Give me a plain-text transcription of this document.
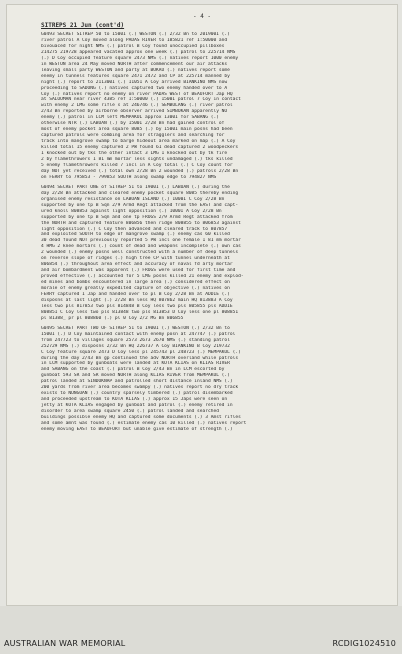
- 4 -
SITREPS 21 Jun (cont'd)
G0493 SECRET SITREP 50 to 1500I (.) WESTON (.) 2/32 Bn to 201900I (.)
river patrol A Coy moved along PADAS RIVER to 185821 ref 1:50000 and
bivouaced for night NMS (.) patrol B Coy found unoccupied pillboxes
214275 219728 appeared vacated approx one week (.) patrol to 225714 NMS
(.) D Coy occupied feature square 2473 NMS (.) natives report 1000 enemy
in WESTON area 24 May moved NORTH after commencement our air attacks
leaving small party WESTON and party at BUKAU (.) natives report some
enemy in tunnels features square 2471 2472 and CP at 225714 manned by
night (.) report to 211300I (.) 11051 A Coy arrived BIANKINO NMS now
proceeding to SADONG (.) natives captured two enemy handed over to A
Coy (.) natives report no enemy on river PADAS WEST of BEAUFORT Jap HQ
at SALOOMAN near river 4385 ref 1:50000 (.) 1500I patrol 7 Coy in contact
with enemy 2 LMG some rifle s at 246746 (.) SEMBULANG (.) river patrol
2/43 Bn reported by airborne observer arrived SIMBOKAN apparently NO
enemy (.) patrol in LCM left MEMPAKUL approx 1300I for SABANG (.)
otherwise NTR (.) LABUAN (.) by 1500I 2/28 Bn had gained control of
most of enemy pocket area square 8085 (.) by 1500I main posns had been
captured patrols were combing area for stragglers and searching for
track into mangrove swamp to barge hideout area marked on map (.) A Coy
killed total 15 enemy captured 2 PW found 61 dead captured 2 woodpeckers
1 knocked out by tks the other intact 3 LMG 1 knocked out by tk fire
2 by flamethrowers 1 81 mm mortar less sights undamaged (.) tks killed
5 enemy flamethrowers killed 7 incl in A Coy total (.) C Coy count for
day NOT yet received (.) total own 2/28 Bn 2 wounded (.) patrols 2/28 Bn
on FERRY to 795853 - 799853 SOUTH along swamp edge to 794827 NMS
G0494 SECRET PART ONE of SITREP 51 to 1900I (.) LABUAN (.) during the
day 2/28 Bn attacked and cleared enemy pocket square 8085 thereby ending
organised enemy resistance on LABUAN ISLAND (.) 1000I C Coy 2/28 Bn
supported by one tp B Sqn 2/9 Armd Regt attacked from the EAST and capt-
ured knoll 808853 against light opposition (.) 1000I A Coy 2/28 Bn
supported by one tp B Sqn and one tp FROGS 2/9 Armd Regt attacked from
the NORTH and captured feature 806856 then ridge 808855 to 806853 against
light opposition (.) C Coy then advanced and cleared track to 807857
and exploited SOUTH to edge of mangrove swamp (.) enemy cas 60 killed
30 dead found NOT previously reported 5 PW incl one female 1 81 mm mortar
4 HMG 2 knee mortars (.) count of dead and weapons incomplete (.) own cas
2 wounded (.) enemy posns well constructed with a number of deep tunnels
on reverse slope of ridges (.) high tree CP with tunnel underneath at
806854 (.) throughout area effect and accuracy of naval fd arty mortar
and air bombardment was apparent (.) FROGS were used for first time and
proved effective (.) accounted for 5 LMG posns killed 21 enemy and explod-
ed mines and bombs encountered in large area (.) considered effect on
morale of enemy greatly expedited capture of objective (.) natives on
FERRY captured 1 Jap and handed over to pl B Coy 2/28 Bn at ADDIE (.)
disposns at last light (.) 2/28 Bn less HQ 807862 main HQ 813883 A Coy
less two pls 817853 two pls 814848 B Coy less two pls 805855 pls ADDIE
808851 C Coy less two pls 813848 two pls 813853 D Coy less one pl 808851
pl 81388_ pr pl 808860 (.) pl 0 Coy 2/2 MG Bn 806855
G0495 SECRET PART TWO OF SITREP 51 to 1900I (.) WESTON (.) 2/32 Bn to
1500I (.) D Coy maintained contact with enemy posn at 247747 (.) patrol
from 247723 to villages square 2573 2673 2670 NMS (.) standing patrol
252729 NMS (.) disposns 2/32 Bn HQ 226737 A Coy BIANKINO B Coy 219732
C Coy feature square 2473 D Coy less pl 245743 pl 248723 (.) MEMPAKUL (.)
during the day 2/43 Bn gp continued the adv NORTH overland while patrols
in LCM supported by gunboats were landed at KOTA KLIAS on KLIAS RIVER
and SABANG on the coast (.) patrol B Coy 2/43 Bn in LCM escorted by
gunboat 593 SR and SR moved NORTH along KLIAS RIVER from MEMPAKUL (.)
patrol landed at SINDOKNAP and patrolled short distance inland NMS (.)
200 yards from river area becomes swampy (.) natives report no dry track
exists to NUNGUAN (.) country sparsely timbered (.) patrol disembarked
and proceeded upstream to KOTA KLIAS (.) approx 15 Japs were seen on
jetty at KOTA KLIAS engaged by gunboat and patrol (.) enemy retired in
disorder to area swamp square 2450 (.) patrol landed and searched
buildings possible enemy HQ and captured some documents (.) 3 Amst rifles
and some amnt was found (.) estimate enemy cas 10 killed (.) natives report
enemy moving EAST to BEAUFORT but unable give estimate of strength (.)
AUSTRALIAN WAR MEMORIAL	RCDIG1024510
